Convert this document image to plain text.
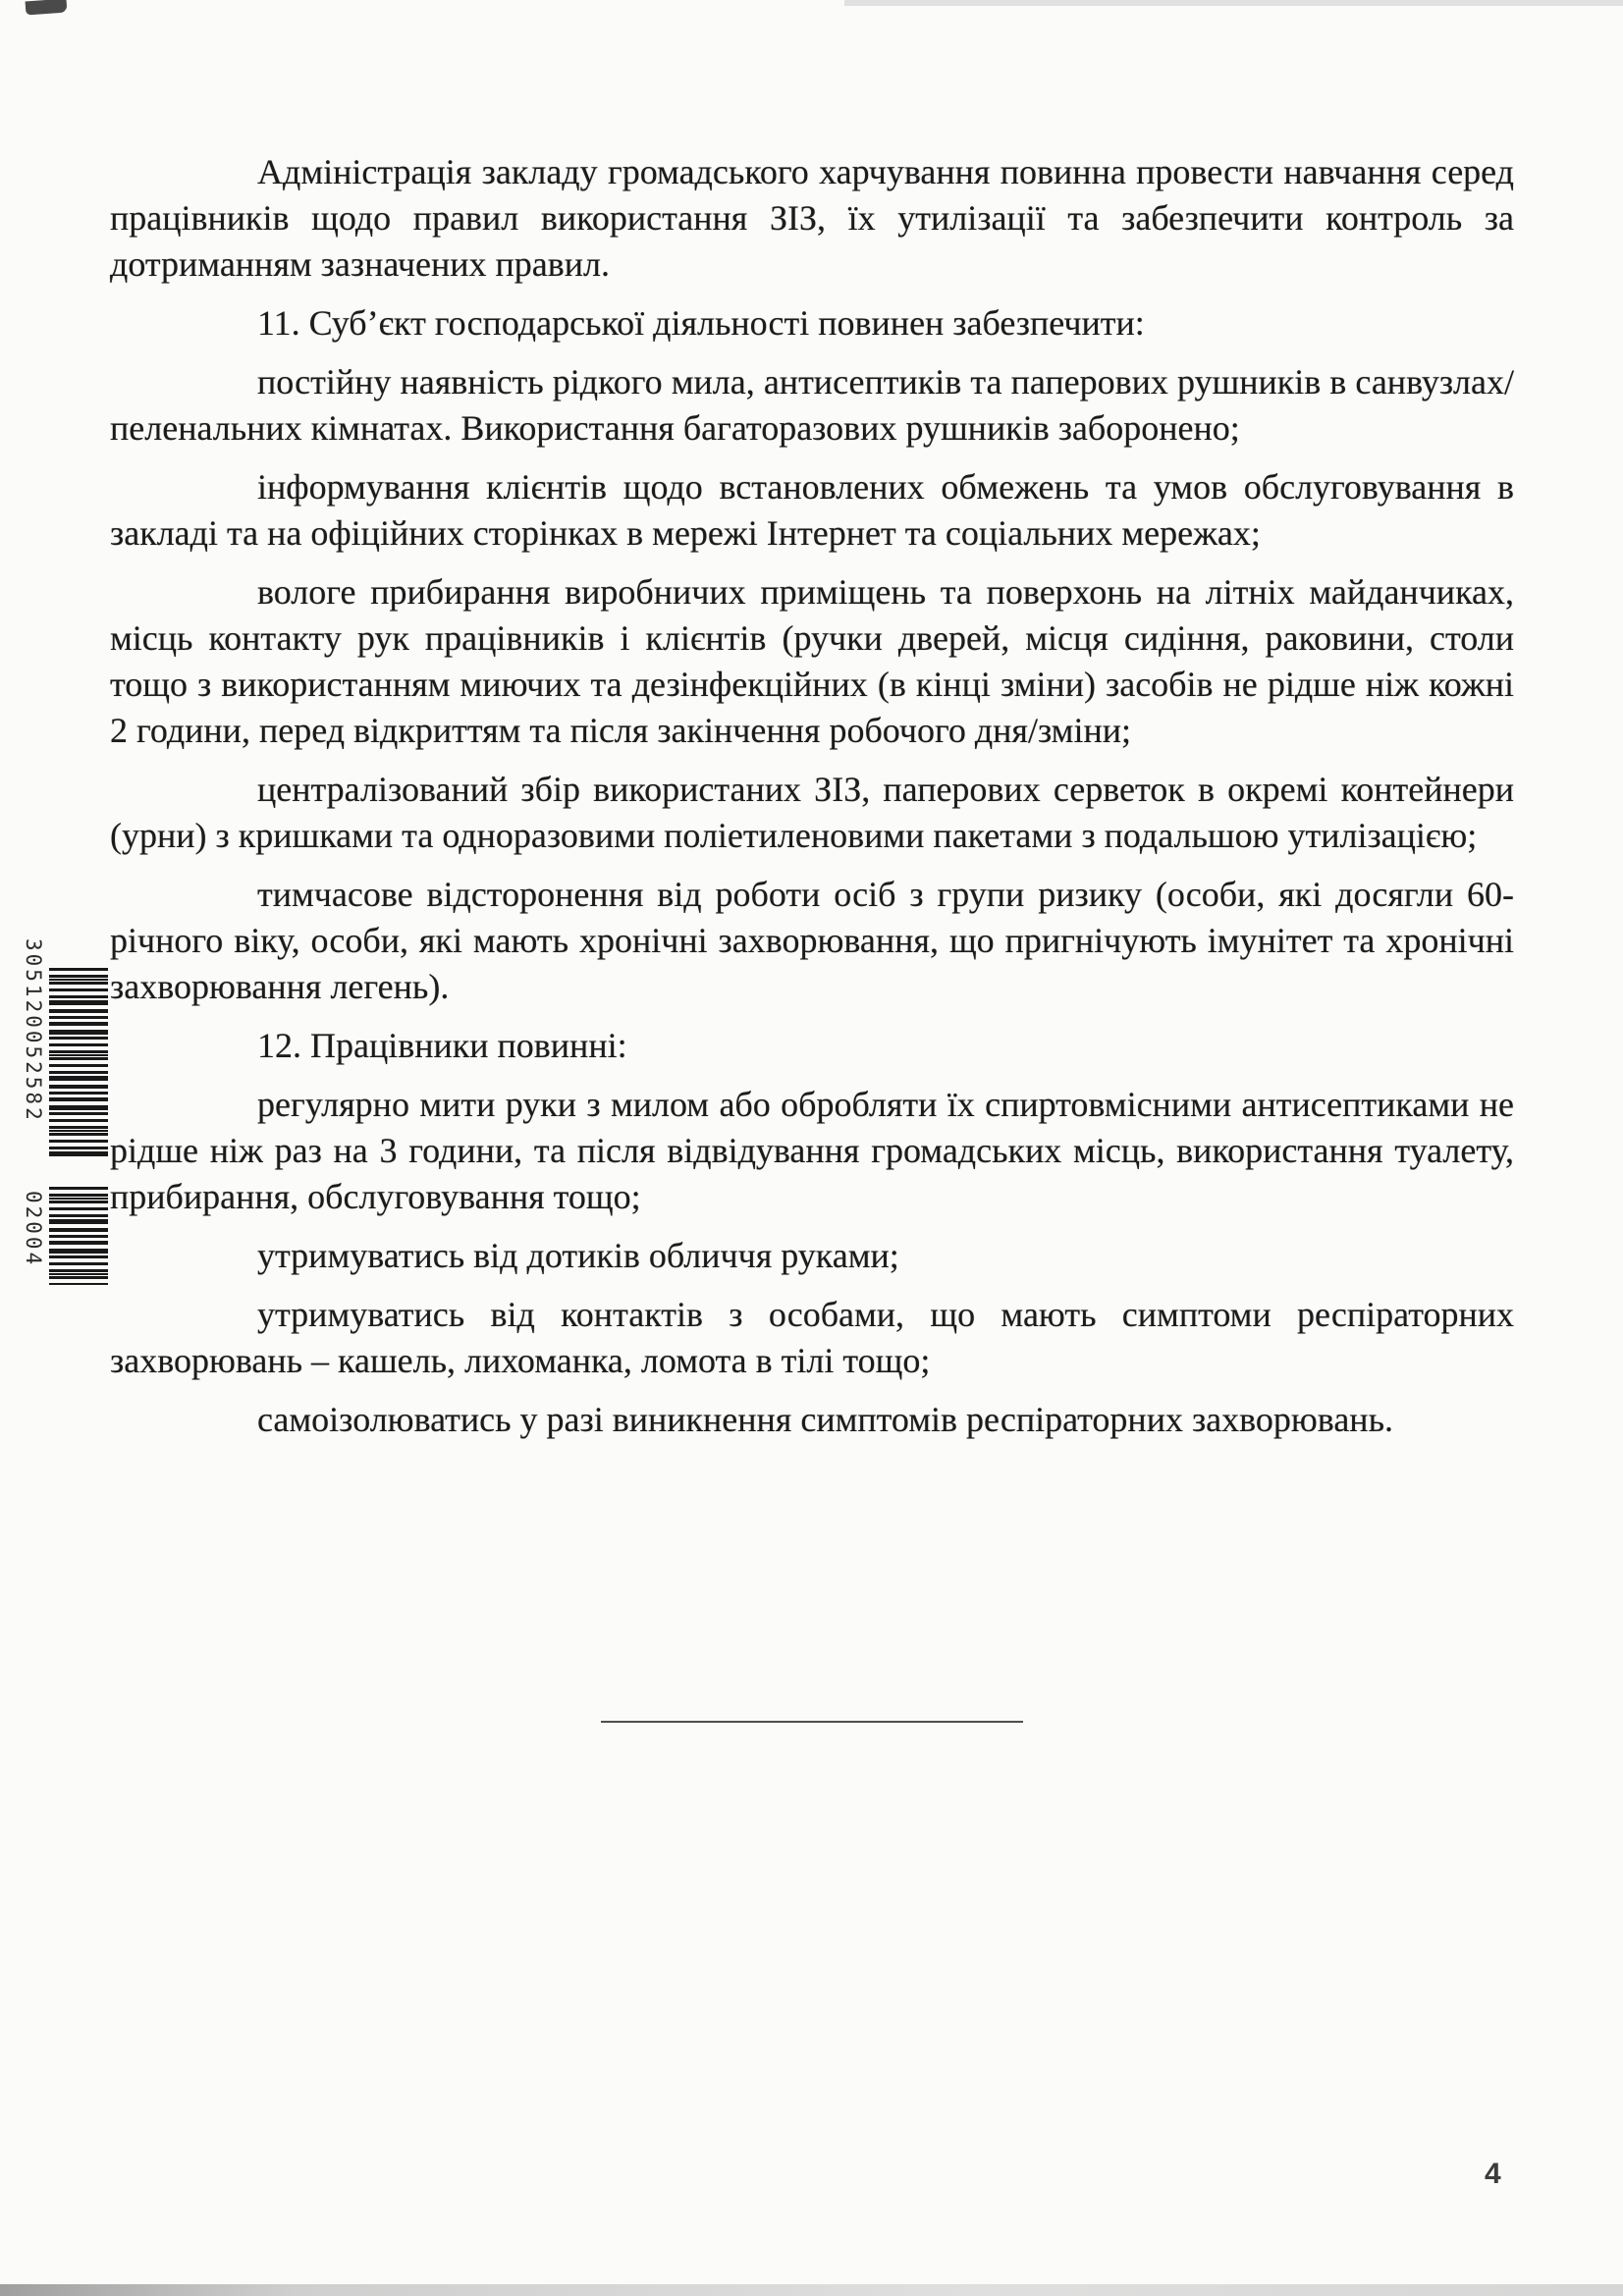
305120052582
02004

Адміністрація закладу громадського харчування повинна провести навчання серед працівників щодо правил використання ЗІЗ, їх утилізації та забезпечити контроль за дотриманням зазначених правил.

11. Суб’єкт господарської діяльності повинен забезпечити:

постійну наявність рідкого мила, антисептиків та паперових рушників в санвузлах/пеленальних кімнатах. Використання багаторазових рушників заборонено;

інформування клієнтів щодо встановлених обмежень та умов обслуговування в закладі та на офіційних сторінках в мережі Інтернет та соціальних мережах;

вологе прибирання виробничих приміщень та поверхонь на літніх майданчиках, місць контакту рук працівників і клієнтів (ручки дверей, місця сидіння, раковини, столи тощо з використанням миючих та дезінфекційних (в кінці зміни) засобів не рідше ніж кожні 2 години, перед відкриттям та після закінчення робочого дня/зміни;

централізований збір використаних ЗІЗ, паперових серветок в окремі контейнери (урни) з кришками та одноразовими поліетиленовими пакетами з подальшою утилізацією;

тимчасове відсторонення від роботи осіб з групи ризику (особи, які досягли 60-річного віку, особи, які мають хронічні захворювання, що пригнічують імунітет та хронічні захворювання легень).

12. Працівники повинні:

регулярно мити руки з милом або обробляти їх спиртовмісними антисептиками не рідше ніж раз на 3 години, та після відвідування громадських місць, використання туалету, прибирання, обслуговування тощо;

утримуватись від дотиків обличчя руками;

утримуватись від контактів з особами, що мають симптоми респіраторних захворювань – кашель, лихоманка, ломота в тілі тощо;

самоізолюватись у разі виникнення симптомів респіраторних захворювань.

4
